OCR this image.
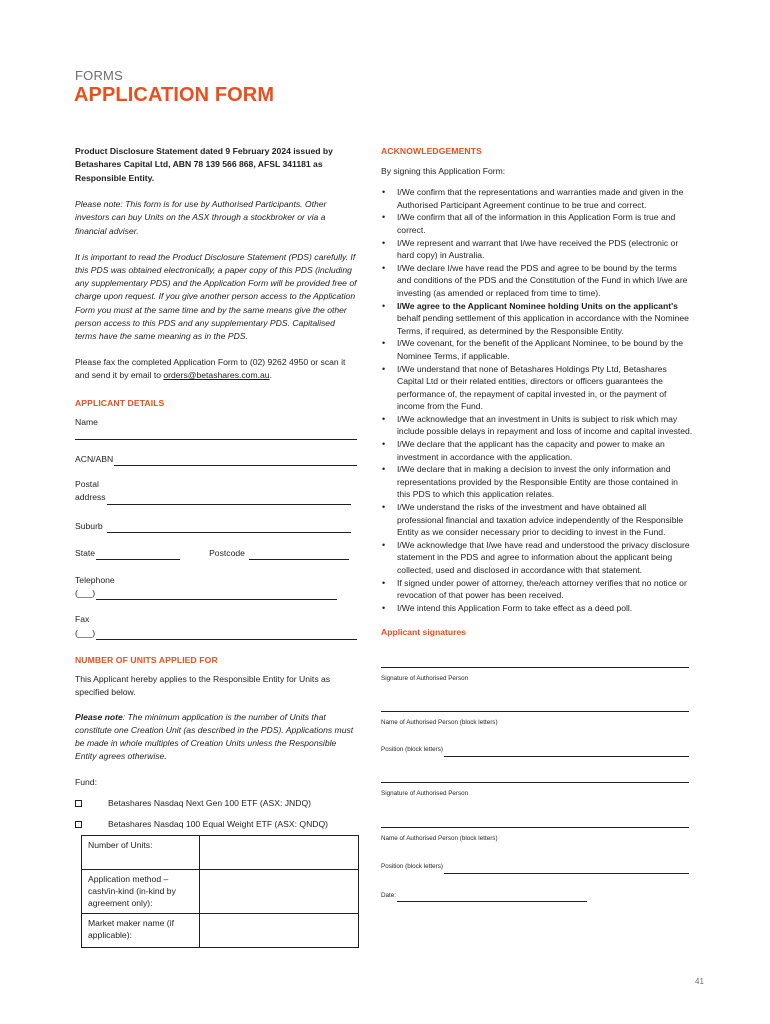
FORMS
APPLICATION FORM
Product Disclosure Statement dated 9 February 2024 issued by Betashares Capital Ltd, ABN 78 139 566 868, AFSL 341181 as Responsible Entity.
Please note: This form is for use by Authorised Participants. Other investors can buy Units on the ASX through a stockbroker or via a financial adviser.
It is important to read the Product Disclosure Statement (PDS) carefully. If this PDS was obtained electronically, a paper copy of this PDS (including any supplementary PDS) and the Application Form will be provided free of charge upon request. If you give another person access to the Application Form you must at the same time and by the same means give the other person access to this PDS and any supplementary PDS. Capitalised terms have the same meaning as in the PDS.
Please fax the completed Application Form to (02) 9262 4950 or scan it and send it by email to orders@betashares.com.au.
APPLICANT DETAILS
Name
ACN/ABN
Postal
address
Suburb
State	Postcode
Telephone
(___)
Fax
(___)
NUMBER OF UNITS APPLIED FOR
This Applicant hereby applies to the Responsible Entity for Units as specified below.
Please note: The minimum application is the number of Units that constitute one Creation Unit (as described in the PDS). Applications must be made in whole multiples of Creation Units unless the Responsible Entity agrees otherwise.
Fund:
Betashares Nasdaq Next Gen 100 ETF (ASX: JNDQ)
Betashares Nasdaq 100 Equal Weight ETF (ASX: QNDQ)
Number of Units:	
Application method – cash/in-kind (in-kind by agreement only):	
Market maker name (if applicable):	
ACKNOWLEDGEMENTS
By signing this Application Form:
• I/We confirm that the representations and warranties made and given in the Authorised Participant Agreement continue to be true and correct.
• I/We confirm that all of the information in this Application Form is true and correct.
• I/We represent and warrant that I/we have received the PDS (electronic or hard copy) in Australia.
• I/We declare I/we have read the PDS and agree to be bound by the terms and conditions of the PDS and the Constitution of the Fund in which I/we are investing (as amended or replaced from time to time).
• I/We agree to the Applicant Nominee holding Units on the applicant's behalf pending settlement of this application in accordance with the Nominee Terms, if required, as determined by the Responsible Entity.
• I/We covenant, for the benefit of the Applicant Nominee, to be bound by the Nominee Terms, if applicable.
• I/We understand that none of Betashares Holdings Pty Ltd, Betashares Capital Ltd or their related entities, directors or officers guarantees the performance of, the repayment of capital invested in, or the payment of income from the Fund.
• I/We acknowledge that an investment in Units is subject to risk which may include possible delays in repayment and loss of income and capital invested.
• I/We declare that the applicant has the capacity and power to make an investment in accordance with the application.
• I/We declare that in making a decision to invest the only information and representations provided by the Responsible Entity are those contained in this PDS to which this application relates.
• I/We understand the risks of the investment and have obtained all professional financial and taxation advice independently of the Responsible Entity as we consider necessary prior to deciding to invest in the Fund.
• I/We acknowledge that I/we have read and understood the privacy disclosure statement in the PDS and agree to information about the applicant being collected, used and disclosed in accordance with that statement.
• If signed under power of attorney, the/each attorney verifies that no notice or revocation of that power has been received.
• I/We intend this Application Form to take effect as a deed poll.
Applicant signatures
Signature of Authorised Person
Name of Authorised Person (block letters)
Position (block letters)
Signature of Authorised Person
Name of Authorised Person (block letters)
Position (block letters)
Date:
41
